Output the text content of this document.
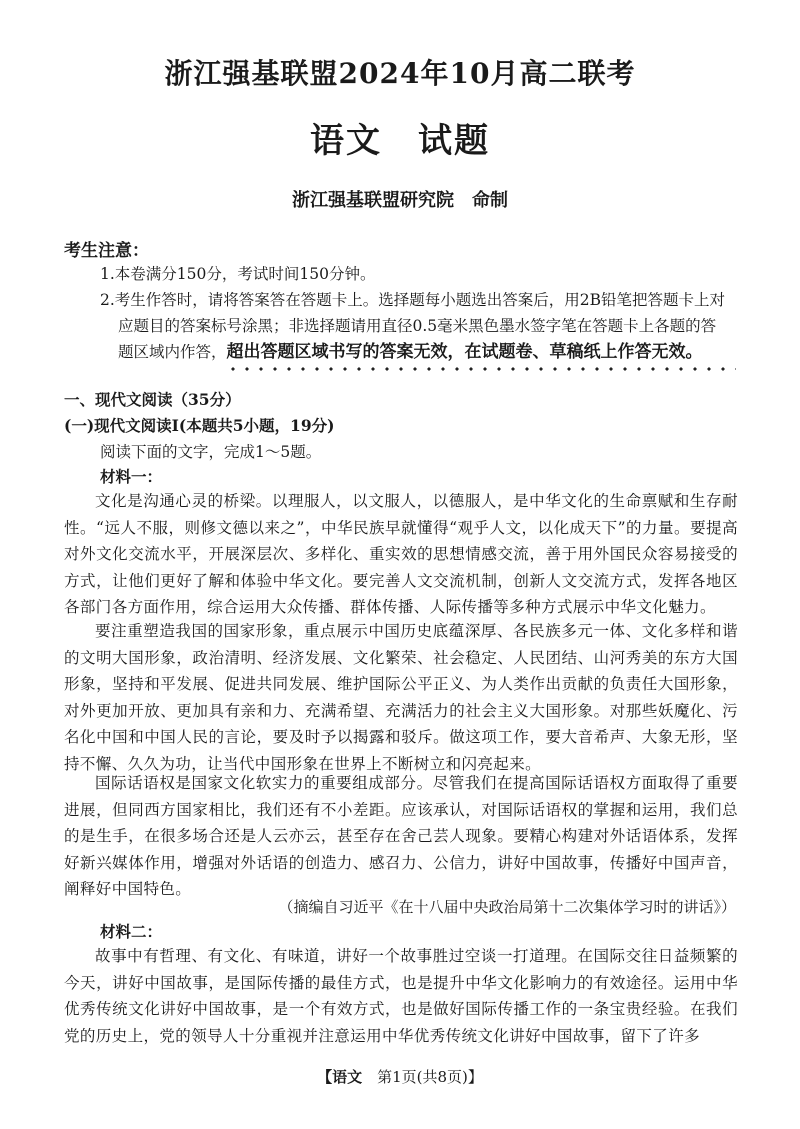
浙江强基联盟2024年10月高二联考
语文　试题
浙江强基联盟研究院　命制
考生注意：
1.本卷满分150分，考试时间150分钟。
2.考生作答时，请将答案答在答题卡上。选择题每小题选出答案后，用2B铅笔把答题卡上对
应题目的答案标号涂黑；非选择题请用直径0.5毫米黑色墨水签字笔在答题卡上各题的答
题区域内作答，超出答题区域书写的答案无效，在试题卷、草稿纸上作答无效。
一、现代文阅读（35分）
(一)现代文阅读Ⅰ(本题共5小题，19分)
阅读下面的文字，完成1～5题。
材料一：
文化是沟通心灵的桥梁。以理服人，以文服人，以德服人，是中华文化的生命禀赋和生存耐性。“远人不服，则修文德以来之”，中华民族早就懂得“观乎人文，以化成天下”的力量。要提高对外文化交流水平，开展深层次、多样化、重实效的思想情感交流，善于用外国民众容易接受的方式，让他们更好了解和体验中华文化。要完善人文交流机制，创新人文交流方式，发挥各地区各部门各方面作用，综合运用大众传播、群体传播、人际传播等多种方式展示中华文化魅力。
要注重塑造我国的国家形象，重点展示中国历史底蕴深厚、各民族多元一体、文化多样和谐的文明大国形象，政治清明、经济发展、文化繁荣、社会稳定、人民团结、山河秀美的东方大国形象，坚持和平发展、促进共同发展、维护国际公平正义、为人类作出贡献的负责任大国形象，对外更加开放、更加具有亲和力、充满希望、充满活力的社会主义大国形象。对那些妖魔化、污名化中国和中国人民的言论，要及时予以揭露和驳斥。做这项工作，要大音希声、大象无形，坚持不懈、久久为功，让当代中国形象在世界上不断树立和闪亮起来。
国际话语权是国家文化软实力的重要组成部分。尽管我们在提高国际话语权方面取得了重要进展，但同西方国家相比，我们还有不小差距。应该承认，对国际话语权的掌握和运用，我们总的是生手，在很多场合还是人云亦云，甚至存在舍己芸人现象。要精心构建对外话语体系，发挥好新兴媒体作用，增强对外话语的创造力、感召力、公信力，讲好中国故事，传播好中国声音，阐释好中国特色。
（摘编自习近平《在十八届中央政治局第十二次集体学习时的讲话》）
材料二：
故事中有哲理、有文化、有味道，讲好一个故事胜过空谈一打道理。在国际交往日益频繁的今天，讲好中国故事，是国际传播的最佳方式，也是提升中华文化影响力的有效途径。运用中华优秀传统文化讲好中国故事，是一个有效方式，也是做好国际传播工作的一条宝贵经验。在我们党的历史上，党的领导人十分重视并注意运用中华优秀传统文化讲好中国故事，留下了许多
【语文　 第1页(共8页)】
